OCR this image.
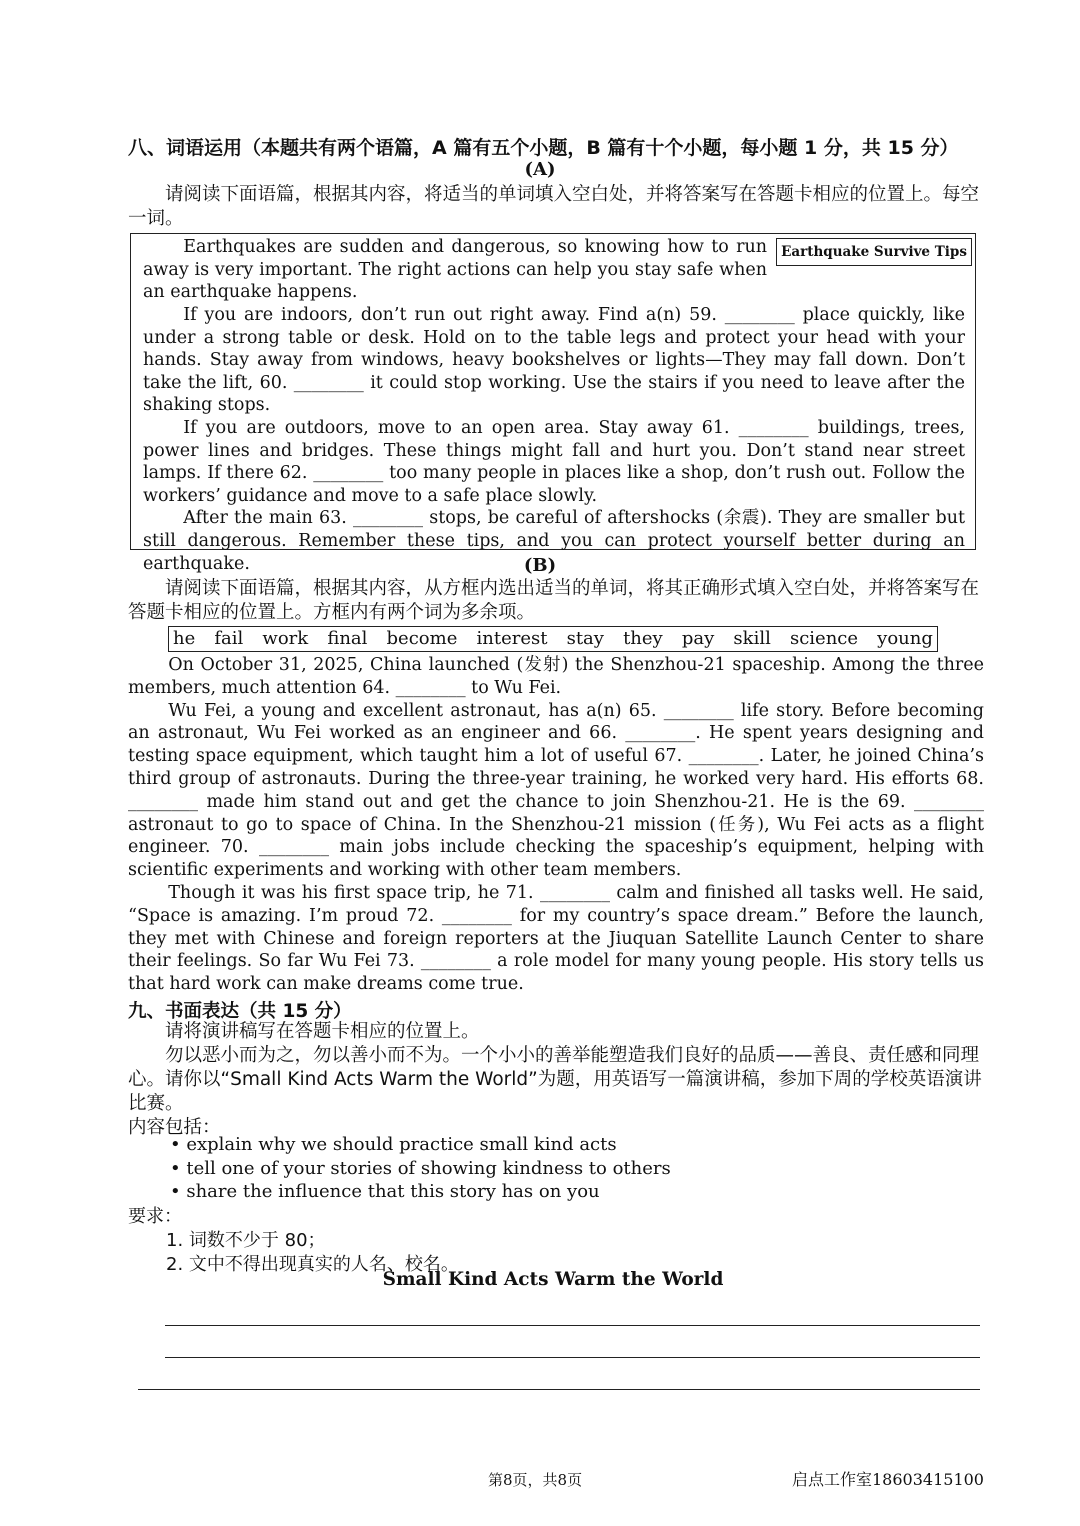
八、词语运用（本题共有两个语篇，A 篇有五个小题，B 篇有十个小题，每小题 1 分，共 15 分）
(A)
请阅读下面语篇，根据其内容，将适当的单词填入空白处，并将答案写在答题卡相应的位置上。每空一词。
Earthquake Survive Tips

Earthquakes are sudden and dangerous, so knowing how to run away is very important. The right actions can help you stay safe when an earthquake happens.

If you are indoors, don’t run out right away. Find a(n) 59. ________ place quickly, like under a strong table or desk. Hold on to the table legs and protect your head with your hands. Stay away from windows, heavy bookshelves or lights—They may fall down. Don’t take the lift, 60. ________ it could stop working. Use the stairs if you need to leave after the shaking stops.

If you are outdoors, move to an open area. Stay away 61. ________ buildings, trees, power lines and bridges. These things might fall and hurt you. Don’t stand near street lamps. If there 62. ________ too many people in places like a shop, don’t rush out. Follow the workers’ guidance and move to a safe place slowly.

After the main 63. ________ stops, be careful of aftershocks (余震). They are smaller but still dangerous. Remember these tips, and you can protect yourself better during an earthquake.	(B)
请阅读下面语篇，根据其内容，从方框内选出适当的单词，将其正确形式填入空白处，并将答案写在答题卡相应的位置上。方框内有两个词为多余项。
he fail work final become interest stay they pay skill science young

On October 31, 2025, China launched (发射) the Shenzhou-21 spaceship. Among the three members, much attention 64. ________ to Wu Fei.

Wu Fei, a young and excellent astronaut, has a(n) 65. ________ life story. Before becoming an astronaut, Wu Fei worked as an engineer and 66. ________. He spent years designing and testing space equipment, which taught him a lot of useful 67. ________. Later, he joined China’s third group of astronauts. During the three-year training, he worked very hard. His efforts 68. ________ made him stand out and get the chance to join Shenzhou-21. He is the 69. ________ astronaut to go to space of China. In the Shenzhou-21 mission (任务), Wu Fei acts as a flight engineer. 70. ________ main jobs include checking the spaceship’s equipment, helping with scientific experiments and working with other team members.

Though it was his first space trip, he 71. ________ calm and finished all tasks well. He said, “Space is amazing. I’m proud 72. ________ for my country’s space dream.” Before the launch, they met with Chinese and foreign reporters at the Jiuquan Satellite Launch Center to share their feelings. So far Wu Fei 73. ________ a role model for many young people. His story tells us that hard work can make dreams come true.

九、书面表达（共 15 分）

请将演讲稿写在答题卡相应的位置上。

勿以恶小而为之，勿以善小而不为。一个小小的善举能塑造我们良好的品质——善良、责任感和同理心。请你以“Small Kind Acts Warm the World”为题，用英语写一篇演讲稿，参加下周的学校英语演讲比赛。

内容包括：

• explain why we should practice small kind acts
• tell one of your stories of showing kindness to others
• share the influence that this story has on you
要求：
1. 词数不少于 80；
2. 文中不得出现真实的人名、校名。
Small Kind Acts Warm the World
第8页，共8页	启点工作室18603415100
